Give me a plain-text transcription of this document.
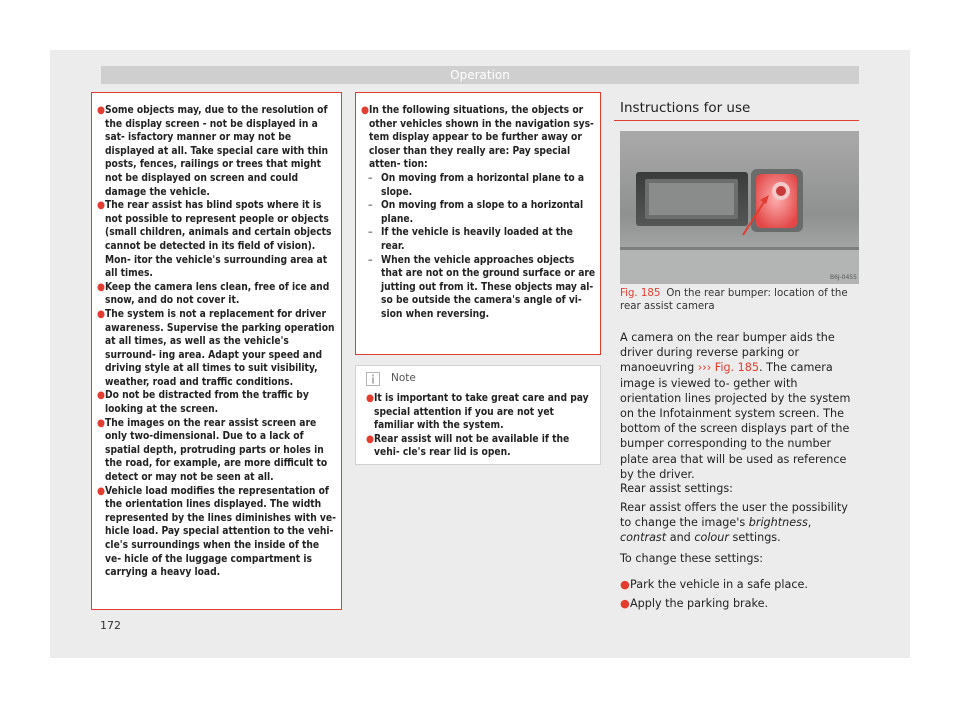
Operation
● Some objects may, due to the resolution of the display screen - not be displayed in a sat- isfactory manner or may not be displayed at all. Take special care with thin posts, fences, railings or trees that might not be displayed on screen and could damage the vehicle.
● The rear assist has blind spots where it is not possible to represent people or objects (small children, animals and certain objects cannot be detected in its field of vision). Mon- itor the vehicle's surrounding area at all times.
● Keep the camera lens clean, free of ice and snow, and do not cover it.
● The system is not a replacement for driver awareness. Supervise the parking operation at all times, as well as the vehicle's surround- ing area. Adapt your speed and driving style at all times to suit visibility, weather, road and traffic conditions.
● Do not be distracted from the traffic by looking at the screen.
● The images on the rear assist screen are only two-dimensional. Due to a lack of spatial depth, protruding parts or holes in the road, for example, are more difficult to detect or may not be seen at all.
● Vehicle load modifies the representation of the orientation lines displayed. The width represented by the lines diminishes with ve- hicle load. Pay special attention to the vehi- cle's surroundings when the inside of the ve- hicle of the luggage compartment is carrying a heavy load.
● In the following situations, the objects or other vehicles shown in the navigation sys- tem display appear to be further away or closer than they really are: Pay special atten- tion:
– On moving from a horizontal plane to a slope.
– On moving from a slope to a horizontal plane.
– If the vehicle is heavily loaded at the rear.
– When the vehicle approaches objects that are not on the ground surface or are jutting out from it. These objects may al- so be outside the camera's angle of vi- sion when reversing.
Note
● It is important to take great care and pay special attention if you are not yet familiar with the system.
● Rear assist will not be available if the vehi- cle's rear lid is open.
Instructions for use
B6J-0455
Fig. 185 On the rear bumper: location of the rear assist camera
A camera on the rear bumper aids the driver during reverse parking or manoeuvring ››› Fig. 185. The camera image is viewed to- gether with orientation lines projected by the system on the Infotainment system screen. The bottom of the screen displays part of the bumper corresponding to the number plate area that will be used as reference by the driver.
Rear assist settings:
Rear assist offers the user the possibility to change the image's brightness, contrast and colour settings.
To change these settings:
● Park the vehicle in a safe place.
● Apply the parking brake.
172
